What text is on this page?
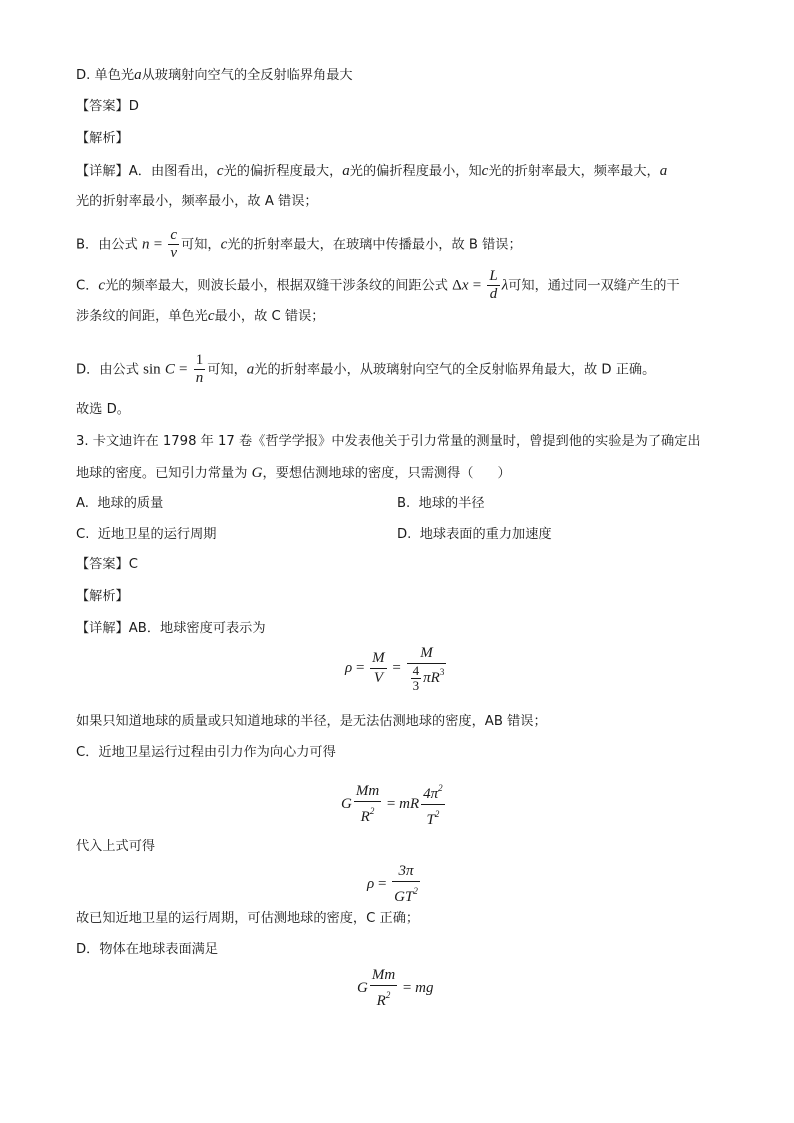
D. 单色光a从玻璃射向空气的全反射临界角最大
【答案】D
【解析】
【详解】A．由图看出，c光的偏折程度最大，a光的偏折程度最小，知c光的折射率最大，频率最大，a
光的折射率最小，频率最小，故 A 错误；
B．由公式 $n = \frac{c}{v}$ 可知，c光的折射率最大，在玻璃中传播最小，故 B 错误；
C．c光的频率最大，则波长最小，根据双缝干涉条纹的间距公式 $\Delta x = \frac{L}{d}$ λ可知，通过同一双缝产生的干
涉条纹的间距，单色光c最小，故 C 错误；
D．由公式 $\sin C = \frac{1}{n}$ 可知，a光的折射率最小，从玻璃射向空气的全反射临界角最大，故 D 正确。
故选 D。
3. 卡文迪许在 1798 年 17 卷《哲学学报》中发表他关于引力常量的测量时，曾提到他的实验是为了确定出
地球的密度。已知引力常量为 G，要想估测地球的密度，只需测得（ ）
A. 地球的质量	B. 地球的半径
C. 近地卫星的运行周期	D. 地球表面的重力加速度
【答案】C
【解析】
【详解】AB．地球密度可表示为
$\rho = \frac{M}{V} = \frac{M}{\frac{4}{3} \pi R^3}$
如果只知道地球的质量或只知道地球的半径，是无法估测地球的密度，AB 错误；
C．近地卫星运行过程由引力作为向心力可得
G $\frac{Mm}{R^2}$ = mR $\frac{4\pi^2}{T^2}$
代入上式可得
$\rho = \frac{3\pi}{GT^2}$
故已知近地卫星的运行周期，可估测地球的密度，C 正确；
D．物体在地球表面满足
G $\frac{Mm}{R^2}$ = mg
